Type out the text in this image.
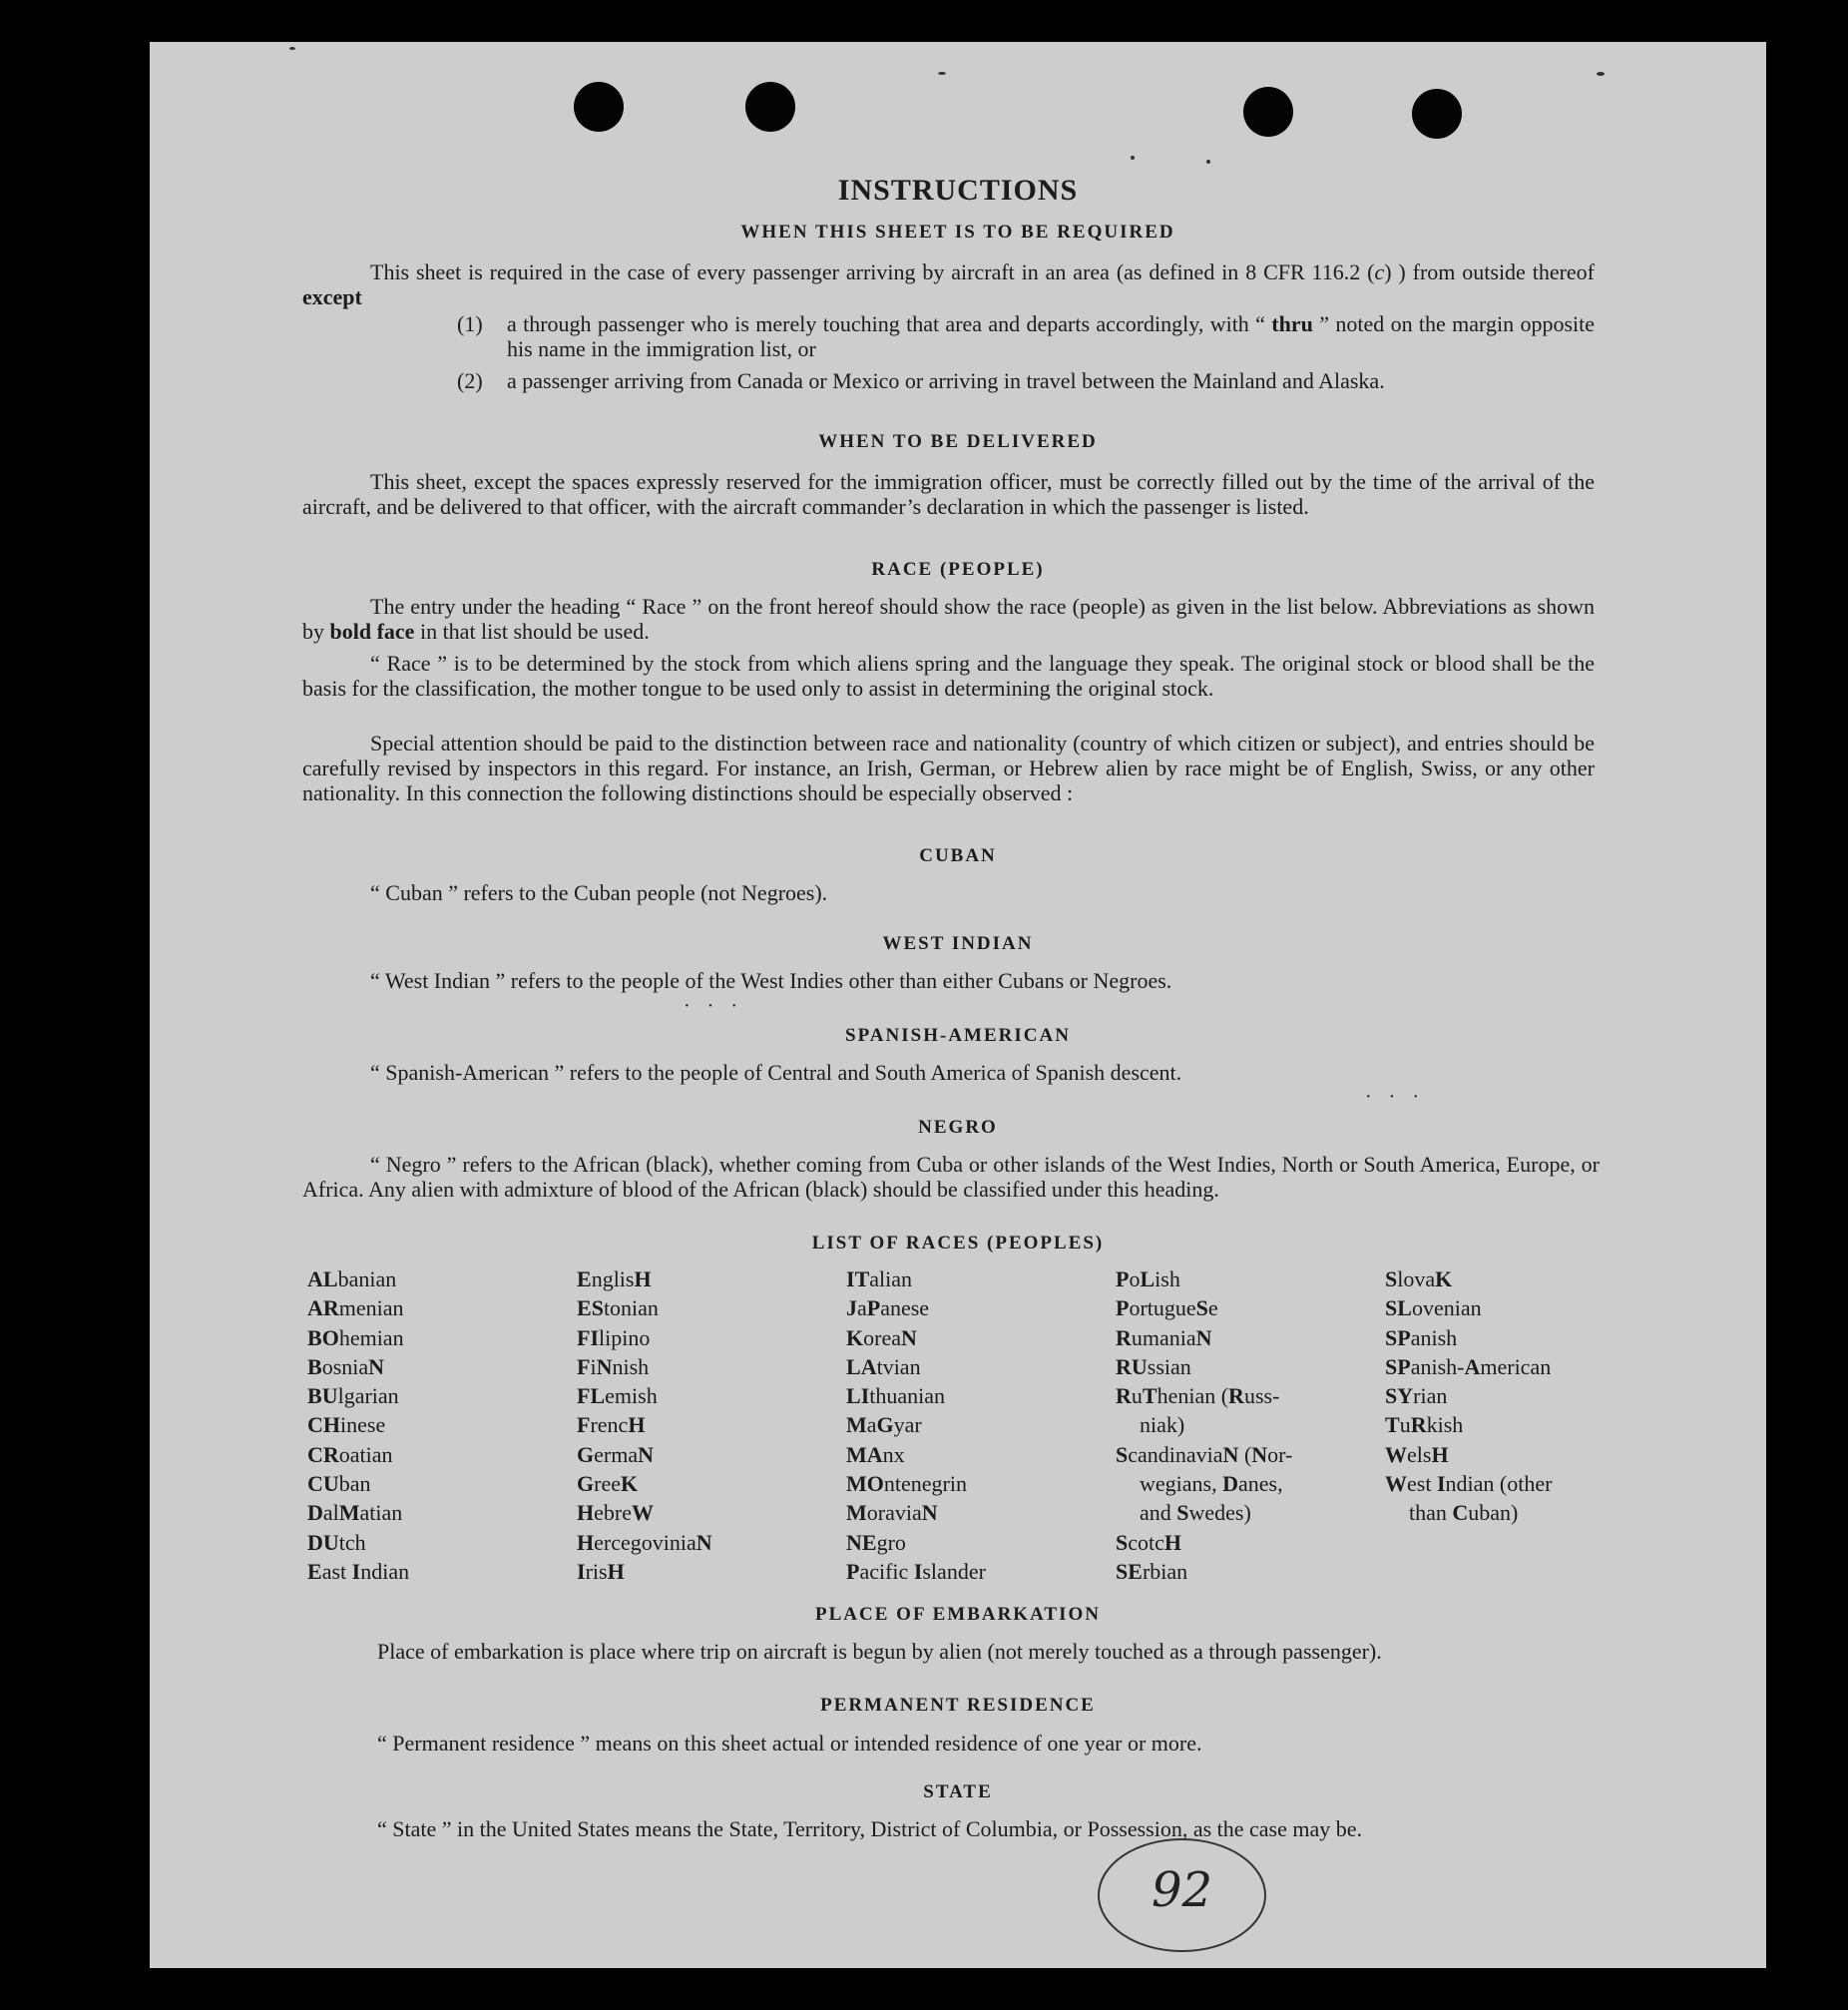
INSTRUCTIONS
WHEN THIS SHEET IS TO BE REQUIRED
This sheet is required in the case of every passenger arriving by aircraft in an area (as defined in 8 CFR 116.2 (c) ) from outside thereof except
(1) a through passenger who is merely touching that area and departs accordingly, with “ thru ” noted on the margin opposite his name in the immigration list, or
(2) a passenger arriving from Canada or Mexico or arriving in travel between the Mainland and Alaska.
WHEN TO BE DELIVERED
This sheet, except the spaces expressly reserved for the immigration officer, must be correctly filled out by the time of the arrival of the aircraft, and be delivered to that officer, with the aircraft commander’s declaration in which the passenger is listed.
RACE (PEOPLE)
The entry under the heading “ Race ” on the front hereof should show the race (people) as given in the list below. Abbreviations as shown by bold face in that list should be used.
“ Race ” is to be determined by the stock from which aliens spring and the language they speak. The original stock or blood shall be the basis for the classification, the mother tongue to be used only to assist in determining the original stock.
Special attention should be paid to the distinction between race and nationality (country of which citizen or subject), and entries should be carefully revised by inspectors in this regard. For instance, an Irish, German, or Hebrew alien by race might be of English, Swiss, or any other nationality. In this connection the following distinctions should be especially observed :
CUBAN
“ Cuban ” refers to the Cuban people (not Negroes).
WEST INDIAN
“ West Indian ” refers to the people of the West Indies other than either Cubans or Negroes.
· · ·
SPANISH-AMERICAN
“ Spanish-American ” refers to the people of Central and South America of Spanish descent.
· · ·
NEGRO
“ Negro ” refers to the African (black), whether coming from Cuba or other islands of the West Indies, North or South America, Europe, or Africa. Any alien with admixture of blood of the African (black) should be classified under this heading.
LIST OF RACES (PEOPLES)
ALbanian
ARmenian
BOhemian
BosniaN
BUlgarian
CHinese
CRoatian
CUban
DalMatian
DUtch
East Indian
EnglisH
EStonian
FIlipino
FiNnish
FLemish
FrencH
GermaN
GreeK
HebreW
HercegoviniaN
IrisH
ITalian
JaPanese
KoreaN
LAtvian
LIthuanian
MaGyar
MAnx
MOntenegrin
MoraviaN
NEgro
Pacific Islander
PoLish
PortugueSe
RumaniaN
RUssian
RuThenian (Russ-
niak)
ScandinaviaN (Nor-
wegians, Danes,
and Swedes)
ScotcH
SErbian
SlovaK
SLovenian
SPanish
SPanish-American
SYrian
TuRkish
WelsH
West Indian (other
than Cuban)
PLACE OF EMBARKATION
Place of embarkation is place where trip on aircraft is begun by alien (not merely touched as a through passenger).
PERMANENT RESIDENCE
“ Permanent residence ” means on this sheet actual or intended residence of one year or more.
STATE
“ State ” in the United States means the State, Territory, District of Columbia, or Possession, as the case may be.
92
